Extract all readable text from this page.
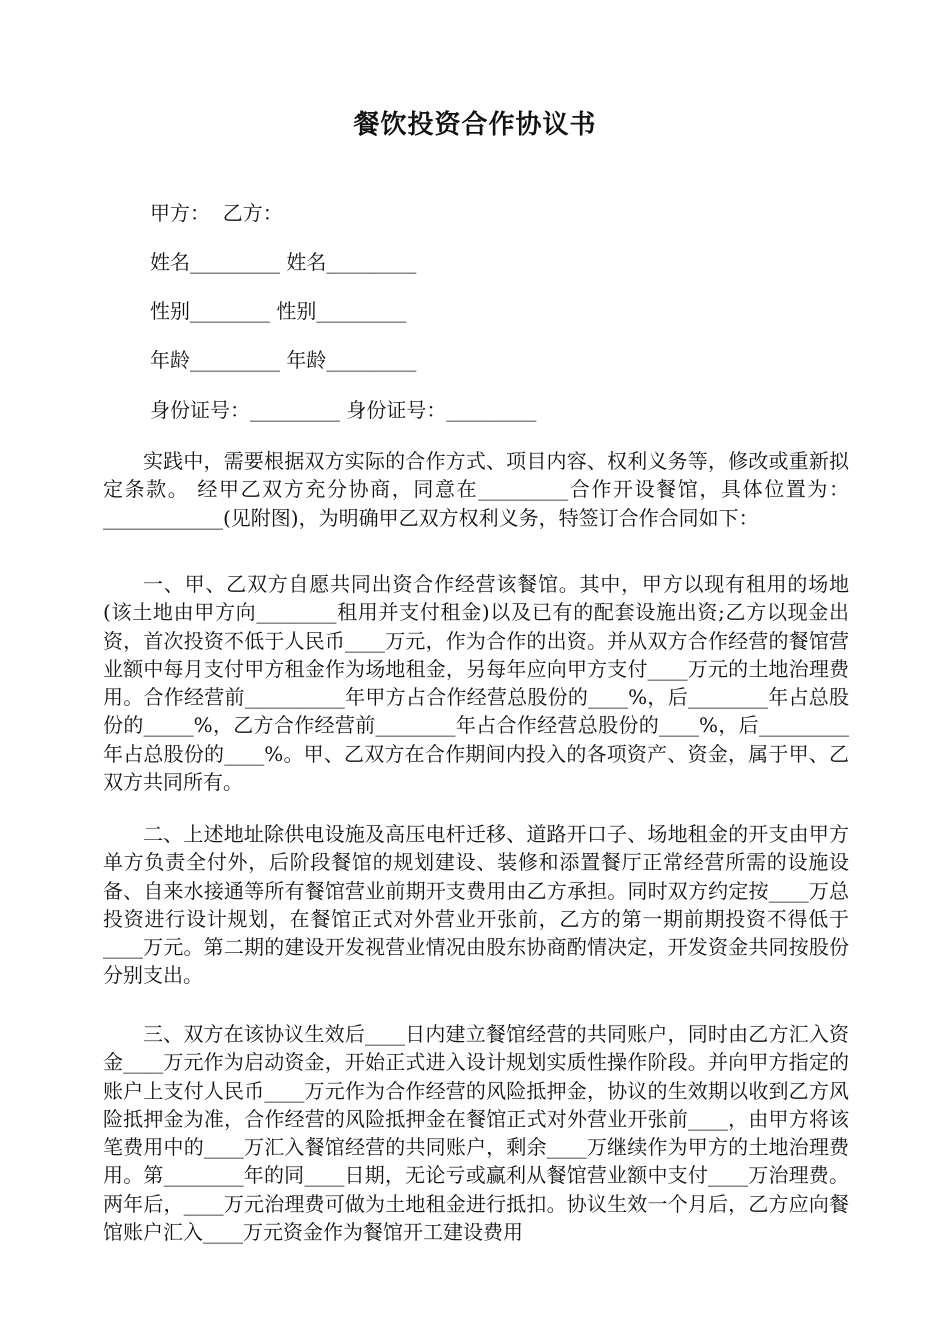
餐饮投资合作协议书
甲方：  乙方：
姓名_________ 姓名_________
性别________ 性别_________
年龄_________ 年龄_________
身份证号：_________ 身份证号：_________
实践中，需要根据双方实际的合作方式、项目内容、权利义务等，修改或重新拟定条款。 经甲乙双方充分协商，同意在_________合作开设餐馆，具体位置为：____________(见附图)，为明确甲乙双方权利义务，特签订合作合同如下：
一、甲、乙双方自愿共同出资合作经营该餐馆。其中，甲方以现有租用的场地(该土地由甲方向________租用并支付租金)以及已有的配套设施出资;乙方以现金出资，首次投资不低于人民币____万元，作为合作的出资。并从双方合作经营的餐馆营业额中每月支付甲方租金作为场地租金，另每年应向甲方支付____万元的土地治理费用。合作经营前__________年甲方占合作经营总股份的____%，后________年占总股份的_____%，乙方合作经营前________年占合作经营总股份的____%，后_________年占总股份的____%。甲、乙双方在合作期间内投入的各项资产、资金，属于甲、乙双方共同所有。
二、上述地址除供电设施及高压电杆迁移、道路开口子、场地租金的开支由甲方单方负责全付外，后阶段餐馆的规划建设、装修和添置餐厅正常经营所需的设施设备、自来水接通等所有餐馆营业前期开支费用由乙方承担。同时双方约定按____万总投资进行设计规划，在餐馆正式对外营业开张前，乙方的第一期前期投资不得低于____万元。第二期的建设开发视营业情况由股东协商酌情决定，开发资金共同按股份分别支出。
三、双方在该协议生效后____日内建立餐馆经营的共同账户，同时由乙方汇入资金____万元作为启动资金，开始正式进入设计规划实质性操作阶段。并向甲方指定的账户上支付人民币____万元作为合作经营的风险抵押金，协议的生效期以收到乙方风险抵押金为准，合作经营的风险抵押金在餐馆正式对外营业开张前____，由甲方将该笔费用中的____万汇入餐馆经营的共同账户，剩余____万继续作为甲方的土地治理费用。第________年的同____日期，无论亏或赢利从餐馆营业额中支付____万治理费。两年后，____万元治理费可做为土地租金进行抵扣。协议生效一个月后，乙方应向餐馆账户汇入____万元资金作为餐馆开工建设费用
